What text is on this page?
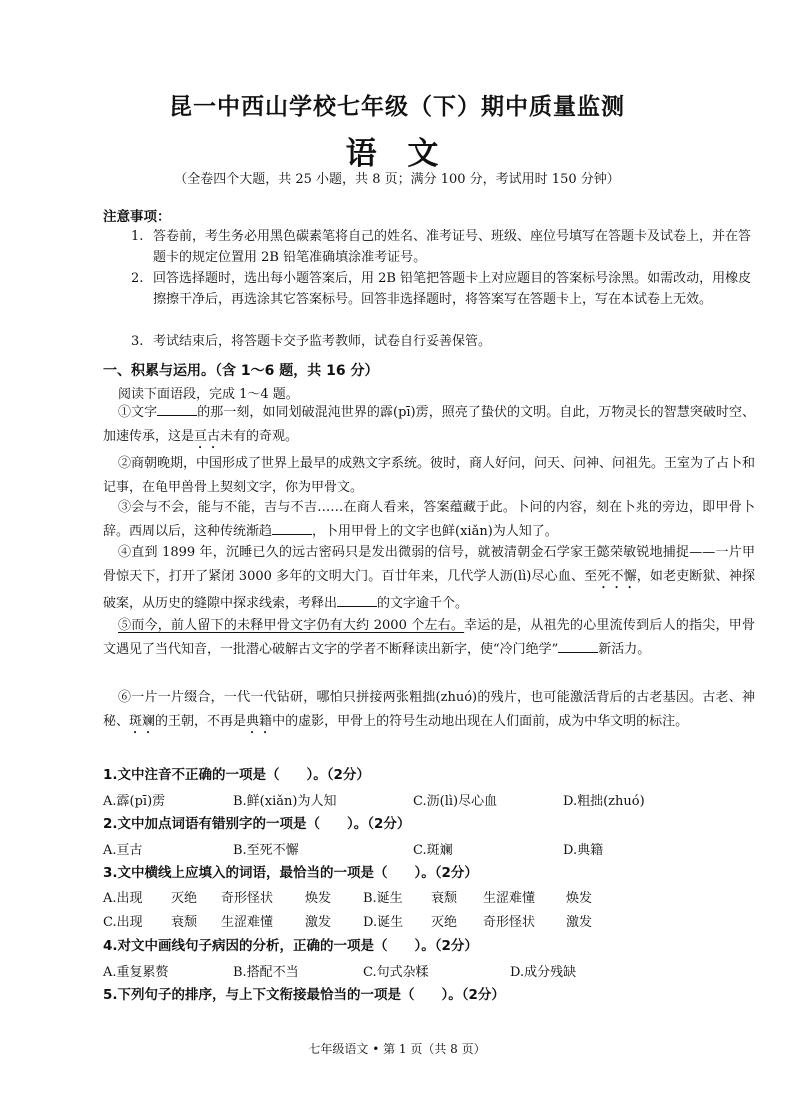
昆一中西山学校七年级（下）期中质量监测
语 文
（全卷四个大题，共 25 小题，共 8 页；满分 100 分，考试用时 150 分钟）
注意事项：
1. 答卷前，考生务必用黑色碳素笔将自己的姓名、准考证号、班级、座位号填写在答题卡及试卷上，并在答题卡的规定位置用 2B 铅笔准确填涂准考证号。
2. 回答选择题时，选出每小题答案后，用 2B 铅笔把答题卡上对应题目的答案标号涂黑。如需改动，用橡皮擦擦干净后，再选涂其它答案标号。回答非选择题时，将答案写在答题卡上，写在本试卷上无效。
3. 考试结束后，将答题卡交予监考教师，试卷自行妥善保管。
一、积累与运用。（含 1～6 题，共 16 分）
阅读下面语段，完成 1～4 题。
①文字	的那一刻，如同划破混沌世界的霹(pī)雳，照亮了蛰伏的文明。自此，万物灵长的智慧突破时空、加速传承，这是亘古未有的奇观。
②商朝晚期，中国形成了世界上最早的成熟文字系统。彼时，商人好问，问天、问神、问祖先。王室为了占卜和记事，在龟甲兽骨上契刻文字，你为甲骨文。
③会与不会，能与不能，吉与不吉……在商人看来，答案蕴藏于此。卜问的内容，刻在卜兆的旁边，即甲骨卜辞。西周以后，这种传统渐趋	，卜用甲骨上的文字也鲜(xiǎn)为人知了。
④直到 1899 年，沉睡已久的远古密码只是发出微弱的信号，就被清朝金石学家王懿荣敏锐地捕捉——一片甲骨惊天下，打开了紧闭 3000 多年的文明大门。百廿年来，几代学人沥(lì)尽心血、至死不懈，如老吏断狱、神探破案，从历史的缝隙中探求线索，考释出	的文字逾千个。
⑤而今，前人留下的未释甲骨文字仍有大约 2000 个左右。幸运的是，从祖先的心里流传到后人的指尖，甲骨文遇见了当代知音，一批潜心破解古文字的学者不断释读出新字，使“冷门绝学”	新活力。
⑥一片一片缀合，一代一代钻研，哪怕只拼接两张粗拙(zhuó)的残片，也可能激活背后的古老基因。古老、神秘、斑斓的王朝，不再是典籍中的虚影，甲骨上的符号生动地出现在人们面前，成为中华文明的标注。
1.文中注音不正确的一项是（　　）。（2分）
A.霹(pī)雳	B.鲜(xiǎn)为人知	C.沥(lì)尽心血	D.粗拙(zhuó)
2.文中加点词语有错别字的一项是（　　）。（2分）
A.亘古	B.至死不懈	C.斑斓	D.典籍
3.文中横线上应填入的词语，最恰当的一项是（　　）。（2分）
A.出现 灭绝 奇形怪状 焕发 B.诞生 衰颓 生涩难懂 焕发
C.出现 衰颓 生涩难懂 激发 D.诞生 灭绝 奇形怪状 激发
4.对文中画线句子病因的分析，正确的一项是（　　）。（2分）
A.重复累赘	B.搭配不当	C.句式杂糅	D.成分残缺
5.下列句子的排序，与上下文衔接最恰当的一项是（　　）。（2分）
七年级语文 • 第 1 页（共 8 页）
